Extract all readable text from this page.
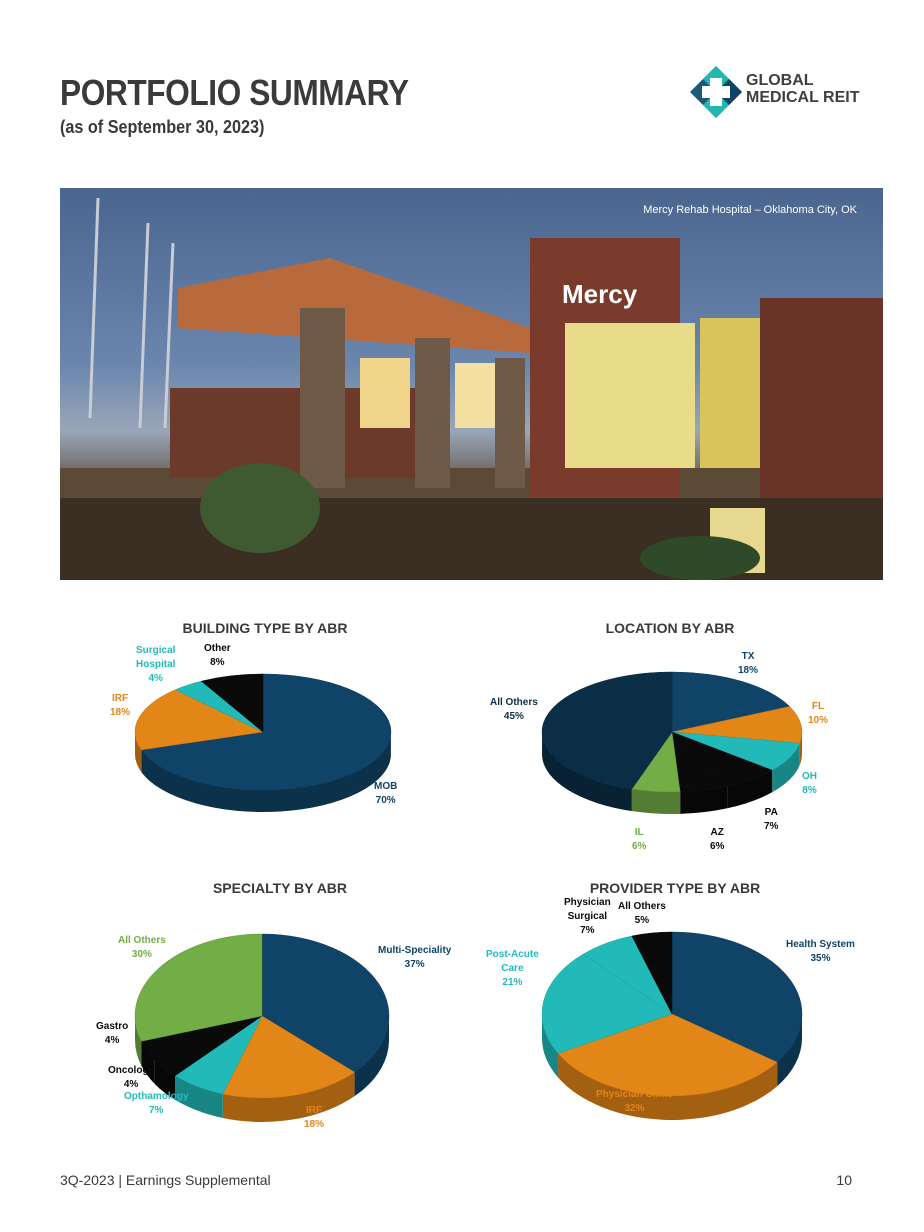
PORTFOLIO SUMMARY
(as of September 30, 2023)
GLOBAL
MEDICAL REIT
Mercy
Mercy Rehab Hospital – Oklahoma City, OK
BUILDING TYPE BY ABR
MOB
70%
IRF
18%
Surgical
Hospital
4%
Other
8%
LOCATION BY ABR
TX
18%
FL
10%
OH
8%
PA
7%
AZ
6%
IL
6%
All Others
45%
SPECIALTY BY ABR
Multi-Speciality
37%
IRF
18%
Opthamology
7%
Oncology
4%
Gastro
4%
All Others
30%
PROVIDER TYPE BY ABR
Health System
35%
Physician Clinic
32%
Post-Acute
Care
21%
Physician
Surgical
7%
All Others
5%
3Q-2023 | Earnings Supplemental	10
